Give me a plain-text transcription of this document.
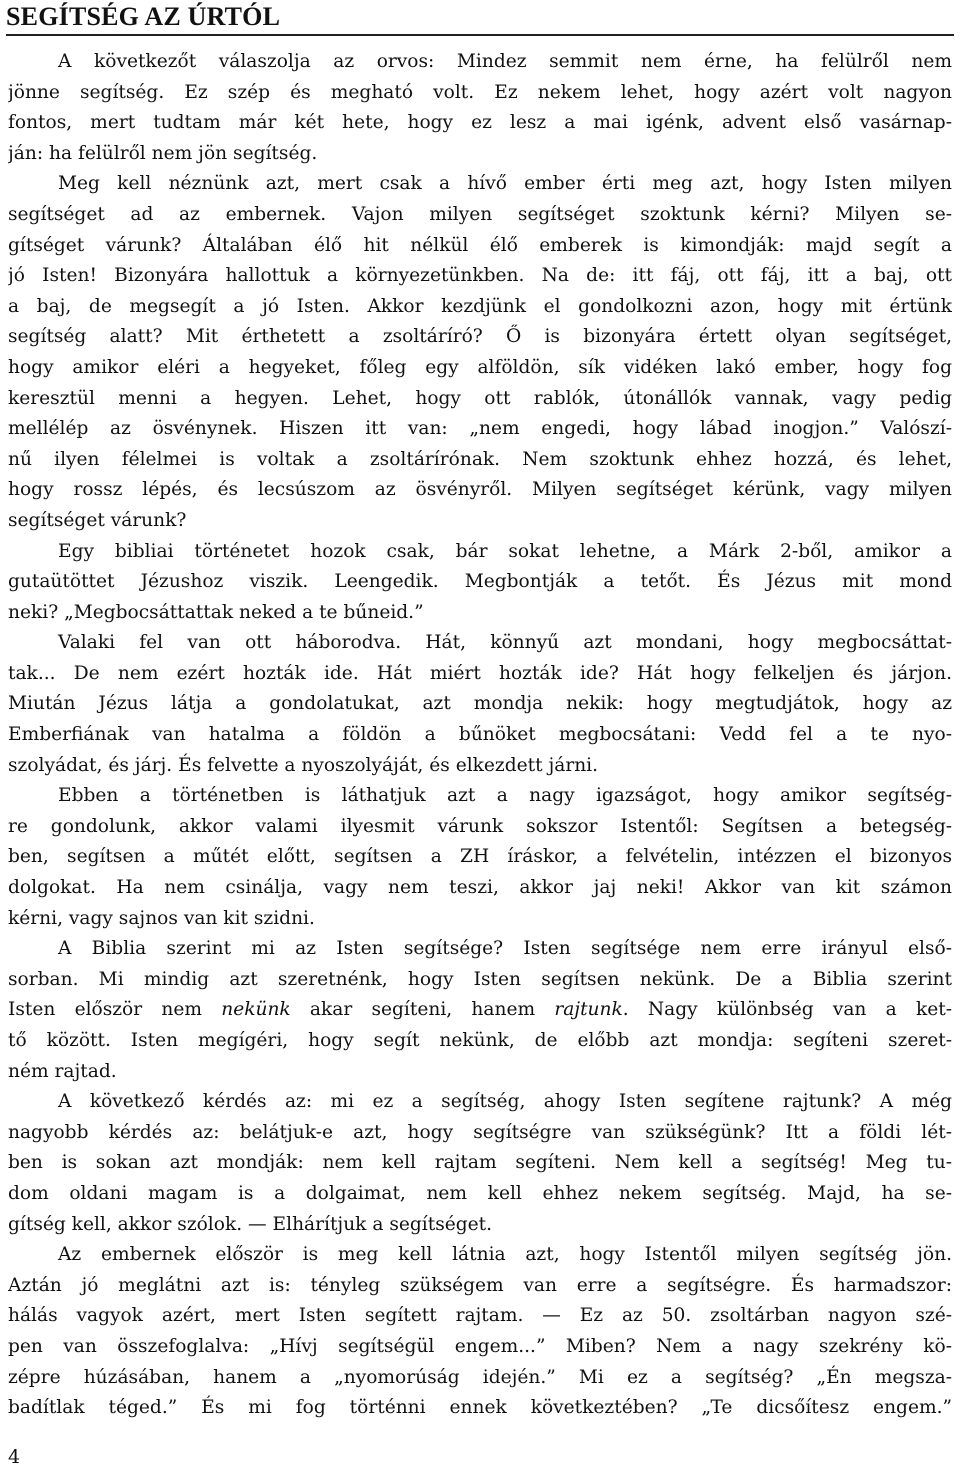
SEGÍTSÉG AZ ÚRTÓL
A következőt válaszolja az orvos: Mindez semmit nem érne, ha felülről nem
jönne segítség. Ez szép és megható volt. Ez nekem lehet, hogy azért volt nagyon
fontos, mert tudtam már két hete, hogy ez lesz a mai igénk, advent első vasárnap-
ján: ha felülről nem jön segítség.
Meg kell néznünk azt, mert csak a hívő ember érti meg azt, hogy Isten milyen
segítséget ad az embernek. Vajon milyen segítséget szoktunk kérni? Milyen se-
gítséget várunk? Általában élő hit nélkül élő emberek is kimondják: majd segít a
jó Isten! Bizonyára hallottuk a környezetünkben. Na de: itt fáj, ott fáj, itt a baj, ott
a baj, de megsegít a jó Isten. Akkor kezdjünk el gondolkozni azon, hogy mit értünk
segítség alatt? Mit érthetett a zsoltáríró? Ő is bizonyára értett olyan segítséget,
hogy amikor eléri a hegyeket, főleg egy alföldön, sík vidéken lakó ember, hogy fog
keresztül menni a hegyen. Lehet, hogy ott rablók, útonállók vannak, vagy pedig
mellélép az ösvénynek. Hiszen itt van: „nem engedi, hogy lábad inogjon.” Valószí-
nű ilyen félelmei is voltak a zsoltárírónak. Nem szoktunk ehhez hozzá, és lehet,
hogy rossz lépés, és lecsúszom az ösvényről. Milyen segítséget kérünk, vagy milyen
segítséget várunk?
Egy bibliai történetet hozok csak, bár sokat lehetne, a Márk 2-ből, amikor a
gutaütöttet Jézushoz viszik. Leengedik. Megbontják a tetőt. És Jézus mit mond
neki? „Megbocsáttattak neked a te bűneid.”
Valaki fel van ott háborodva. Hát, könnyű azt mondani, hogy megbocsáttat-
tak... De nem ezért hozták ide. Hát miért hozták ide? Hát hogy felkeljen és járjon.
Miután Jézus látja a gondolatukat, azt mondja nekik: hogy megtudjátok, hogy az
Emberfiának van hatalma a földön a bűnöket megbocsátani: Vedd fel a te nyo-
szolyádat, és járj. És felvette a nyoszolyáját, és elkezdett járni.
Ebben a történetben is láthatjuk azt a nagy igazságot, hogy amikor segítség-
re gondolunk, akkor valami ilyesmit várunk sokszor Istentől: Segítsen a betegség-
ben, segítsen a műtét előtt, segítsen a ZH íráskor, a felvételin, intézzen el bizonyos
dolgokat. Ha nem csinálja, vagy nem teszi, akkor jaj neki! Akkor van kit számon
kérni, vagy sajnos van kit szidni.
A Biblia szerint mi az Isten segítsége? Isten segítsége nem erre irányul első-
sorban. Mi mindig azt szeretnénk, hogy Isten segítsen nekünk. De a Biblia szerint
Isten először nem nekünk akar segíteni, hanem rajtunk. Nagy különbség van a ket-
tő között. Isten megígéri, hogy segít nekünk, de előbb azt mondja: segíteni szeret-
ném rajtad.
A következő kérdés az: mi ez a segítség, ahogy Isten segítene rajtunk? A még
nagyobb kérdés az: belátjuk-e azt, hogy segítségre van szükségünk? Itt a földi lét-
ben is sokan azt mondják: nem kell rajtam segíteni. Nem kell a segítség! Meg tu-
dom oldani magam is a dolgaimat, nem kell ehhez nekem segítség. Majd, ha se-
gítség kell, akkor szólok. — Elhárítjuk a segítséget.
Az embernek először is meg kell látnia azt, hogy Istentől milyen segítség jön.
Aztán jó meglátni azt is: tényleg szükségem van erre a segítségre. És harmadszor:
hálás vagyok azért, mert Isten segített rajtam. — Ez az 50. zsoltárban nagyon szé-
pen van összefoglalva: „Hívj segítségül engem...” Miben? Nem a nagy szekrény kö-
zépre húzásában, hanem a „nyomorúság idején.” Mi ez a segítség? „Én megsza-
badítlak téged.” És mi fog történni ennek következtében? „Te dicsőítesz engem.”
4
